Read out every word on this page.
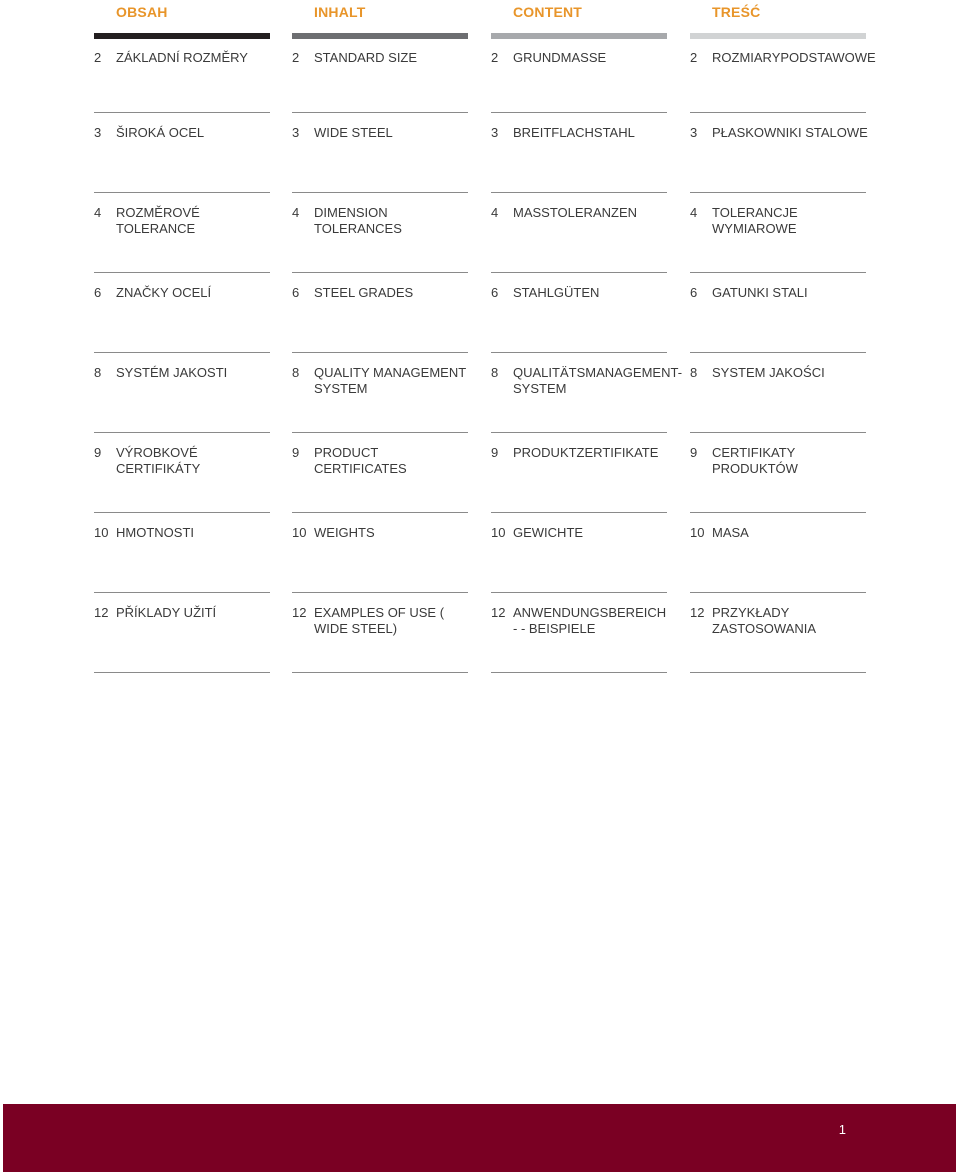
OBSAH
2 ZÁKLADNÍ ROZMĚRY
3 ŠIROKÁ OCEL
4 ROZMĚROVÉ TOLERANCE
6 ZNAČKY OCELÍ
8 SYSTÉM JAKOSTI
9 VÝROBKOVÉ CERTIFIKÁTY
10 HMOTNOSTI
12 PŘÍKLADY UŽITÍ
INHALT
2 STANDARD SIZE
3 WIDE STEEL
4 DIMENSION TOLERANCES
6 STEEL GRADES
8 QUALITY MANAGEMENT SYSTEM
9 PRODUCT CERTIFICATES
10 WEIGHTS
12 EXAMPLES OF USE ( WIDE STEEL)
CONTENT
2 GRUNDMASSE
3 BREITFLACHSTAHL
4 MASSTOLERANZEN
6 STAHLGÜTEN
8 QUALITÄTSMANAGEMENT-SYSTEM
9 PRODUKTZERTIFIKATE
10 GEWICHTE
12 ANWENDUNGSBEREICH - - BEISPIELE
TREŚĆ
2 ROZMIARYPODSTAWOWE
3 PŁASKOWNIKI STALOWE
4 TOLERANCJE WYMIAROWE
6 GATUNKI STALI
8 SYSTEM JAKOŚCI
9 CERTIFIKATY PRODUKTÓW
10 MASA
12 PRZYKŁADY ZASTOSOWANIA
1
